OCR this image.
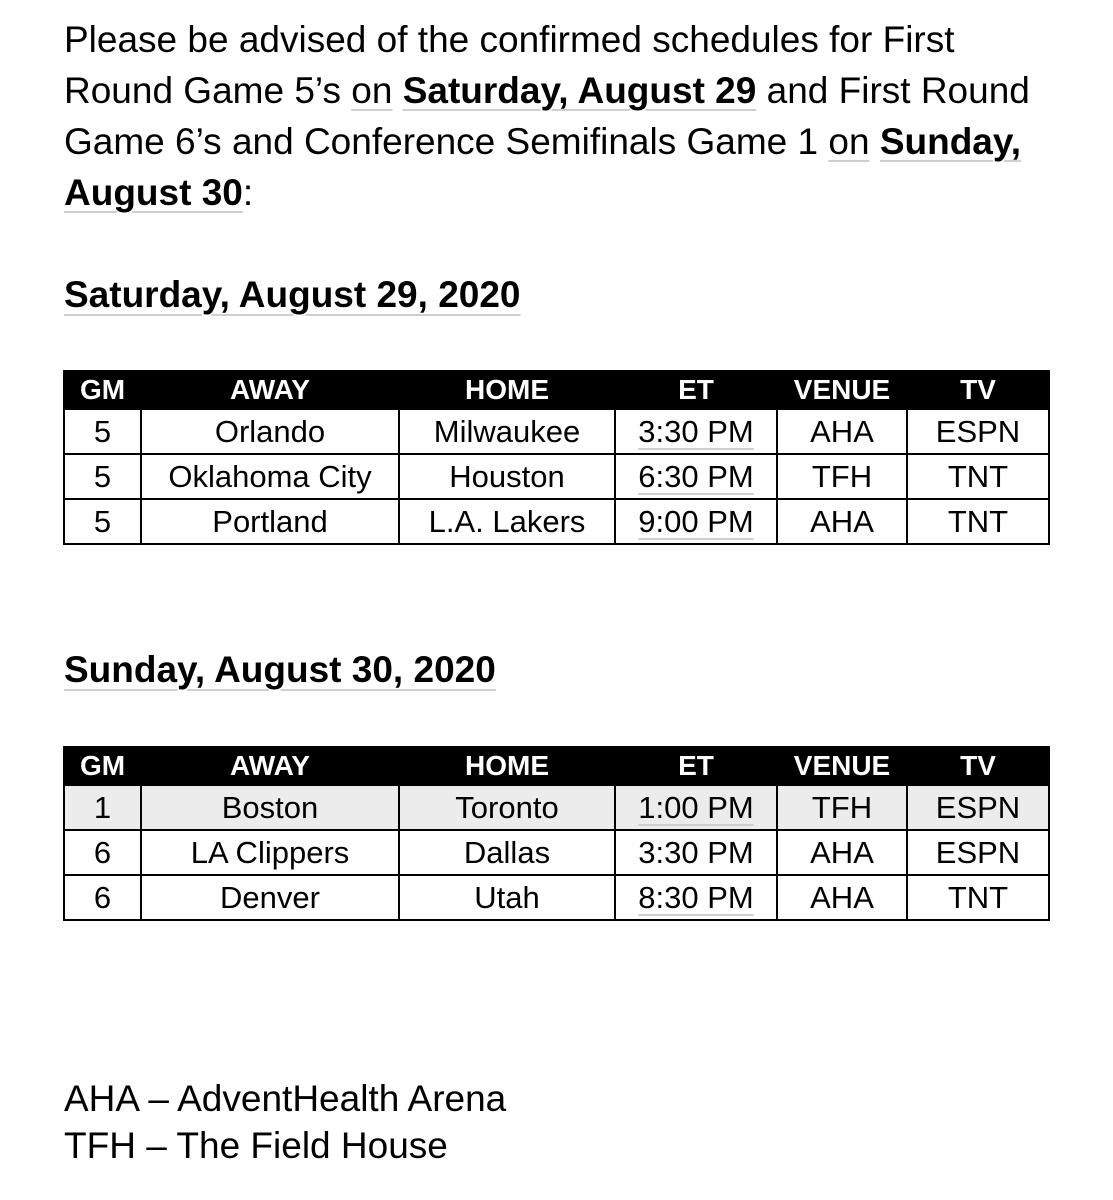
Please be advised of the confirmed schedules for First Round Game 5’s on Saturday, August 29 and First Round Game 6’s and Conference Semifinals Game 1 on Sunday, August 30:

Saturday, August 29, 2020
GM	AWAY	HOME	ET	VENUE	TV
5	Orlando	Milwaukee	3:30 PM	AHA	ESPN
5	Oklahoma City	Houston	6:30 PM	TFH	TNT
5	Portland	L.A. Lakers	9:00 PM	AHA	TNT
Sunday, August 30, 2020
GM	AWAY	HOME	ET	VENUE	TV
1	Boston	Toronto	1:00 PM	TFH	ESPN
6	LA Clippers	Dallas	3:30 PM	AHA	ESPN
6	Denver	Utah	8:30 PM	AHA	TNT
AHA – AdventHealth Arena
TFH – The Field House
